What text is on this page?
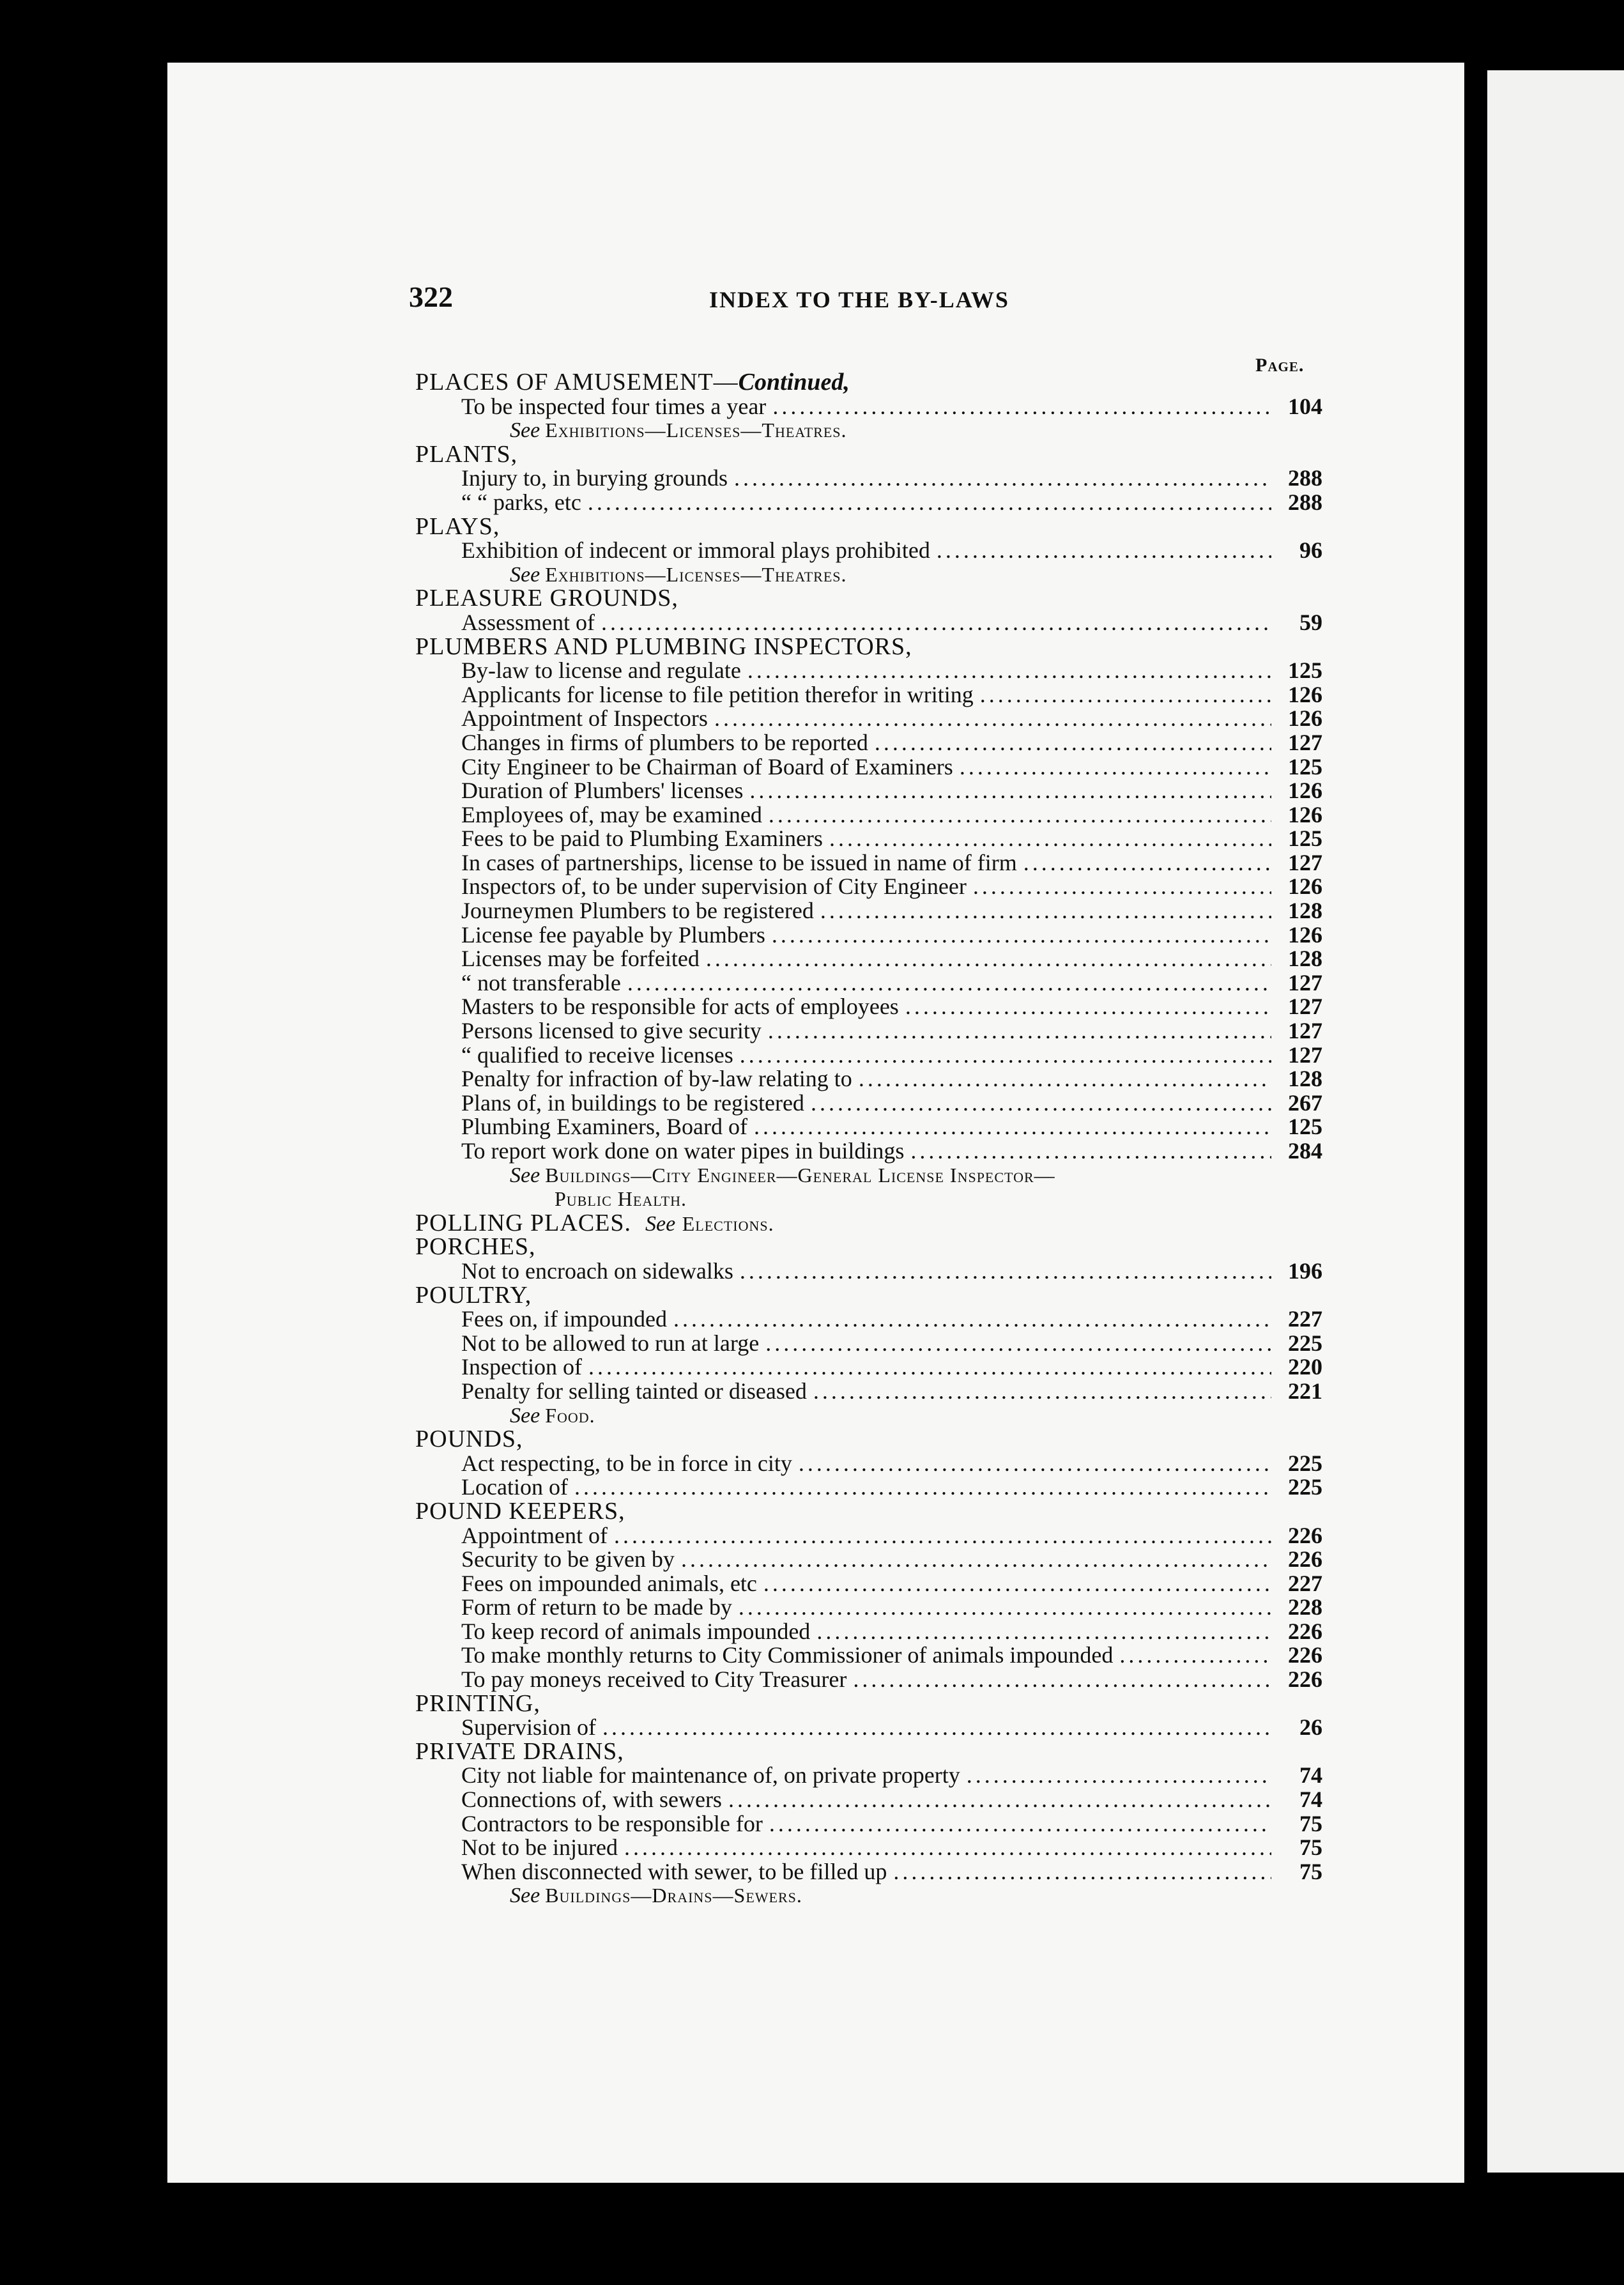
322	INDEX TO THE BY-LAWS
Page.
PLACES OF AMUSEMENT—Continued,
To be inspected four times a year . . .	104
See Exhibitions—Licenses—Theatres.
PLANTS,
Injury to, in burying grounds . . .	288
“ “ parks, etc . . .	288
PLAYS,
Exhibition of indecent or immoral plays prohibited . . .	96
See Exhibitions—Licenses—Theatres.
PLEASURE GROUNDS,
Assessment of . . .	59
PLUMBERS AND PLUMBING INSPECTORS,
By-law to license and regulate . . .	125
Applicants for license to file petition therefor in writing . . .	126
Appointment of Inspectors . . .	126
Changes in firms of plumbers to be reported . . .	127
City Engineer to be Chairman of Board of Examiners . . .	125
Duration of Plumbers' licenses . . .	126
Employees of, may be examined . . .	126
Fees to be paid to Plumbing Examiners . . .	125
In cases of partnerships, license to be issued in name of firm . . .	127
Inspectors of, to be under supervision of City Engineer . . .	126
Journeymen Plumbers to be registered . . .	128
License fee payable by Plumbers . . .	126
Licenses may be forfeited . . .	128
“ not transferable . . .	127
Masters to be responsible for acts of employees . . .	127
Persons licensed to give security . . .	127
“ qualified to receive licenses . . .	127
Penalty for infraction of by-law relating to . . .	128
Plans of, in buildings to be registered . . .	267
Plumbing Examiners, Board of . . .	125
To report work done on water pipes in buildings . . .	284
See Buildings—City Engineer—General License Inspector—
Public Health.
POLLING PLACES. See Elections.
PORCHES,
Not to encroach on sidewalks . . .	196
POULTRY,
Fees on, if impounded . . .	227
Not to be allowed to run at large . . .	225
Inspection of . . .	220
Penalty for selling tainted or diseased . . .	221
See Food.
POUNDS,
Act respecting, to be in force in city . . .	225
Location of . . .	225
POUND KEEPERS,
Appointment of . . .	226
Security to be given by . . .	226
Fees on impounded animals, etc . . .	227
Form of return to be made by . . .	228
To keep record of animals impounded . . .	226
To make monthly returns to City Commissioner of animals impounded . . .	226
To pay moneys received to City Treasurer . . .	226
PRINTING,
Supervision of . . .	26
PRIVATE DRAINS,
City not liable for maintenance of, on private property . . .	74
Connections of, with sewers . . .	74
Contractors to be responsible for . . .	75
Not to be injured . . .	75
When disconnected with sewer, to be filled up . . .	75
See Buildings—Drains—Sewers.
